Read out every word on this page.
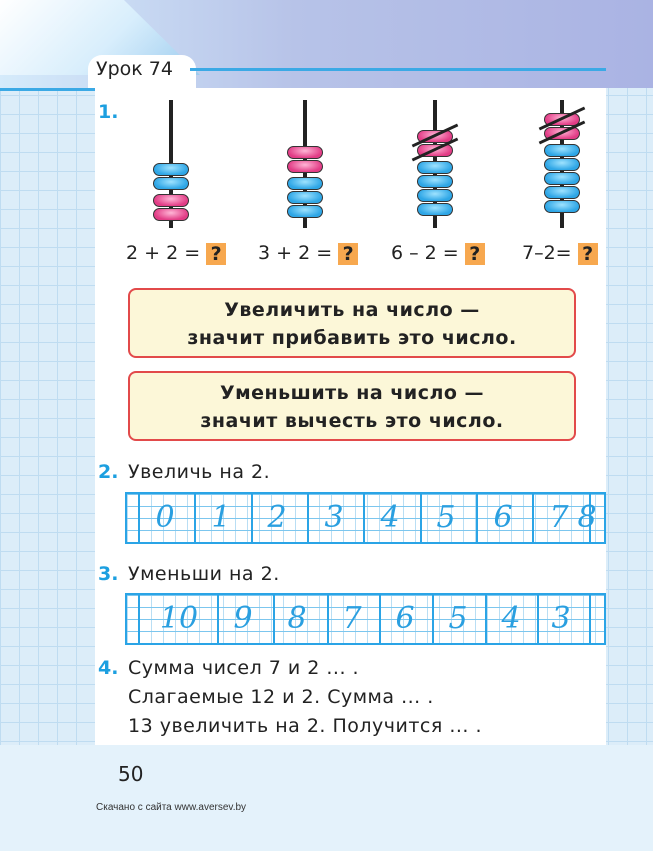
Урок 74
1.
2 + 2 = ? 3 + 2 = ? 6 – 2 = ? 7–2= ?
Увеличить на число —
значит прибавить это число.
Уменьшить на число —
значит вычесть это число.
2. Увеличь на 2.
0	1	2	3	4	5	6	7 8
3. Уменьши на 2.
10	9	8	7	6	5	4	3
4. Сумма чисел 7 и 2 ... .
Слагаемые 12 и 2. Сумма ... .
13 увеличить на 2. Получится ... .
50
Скачано с сайта www.aversev.by
